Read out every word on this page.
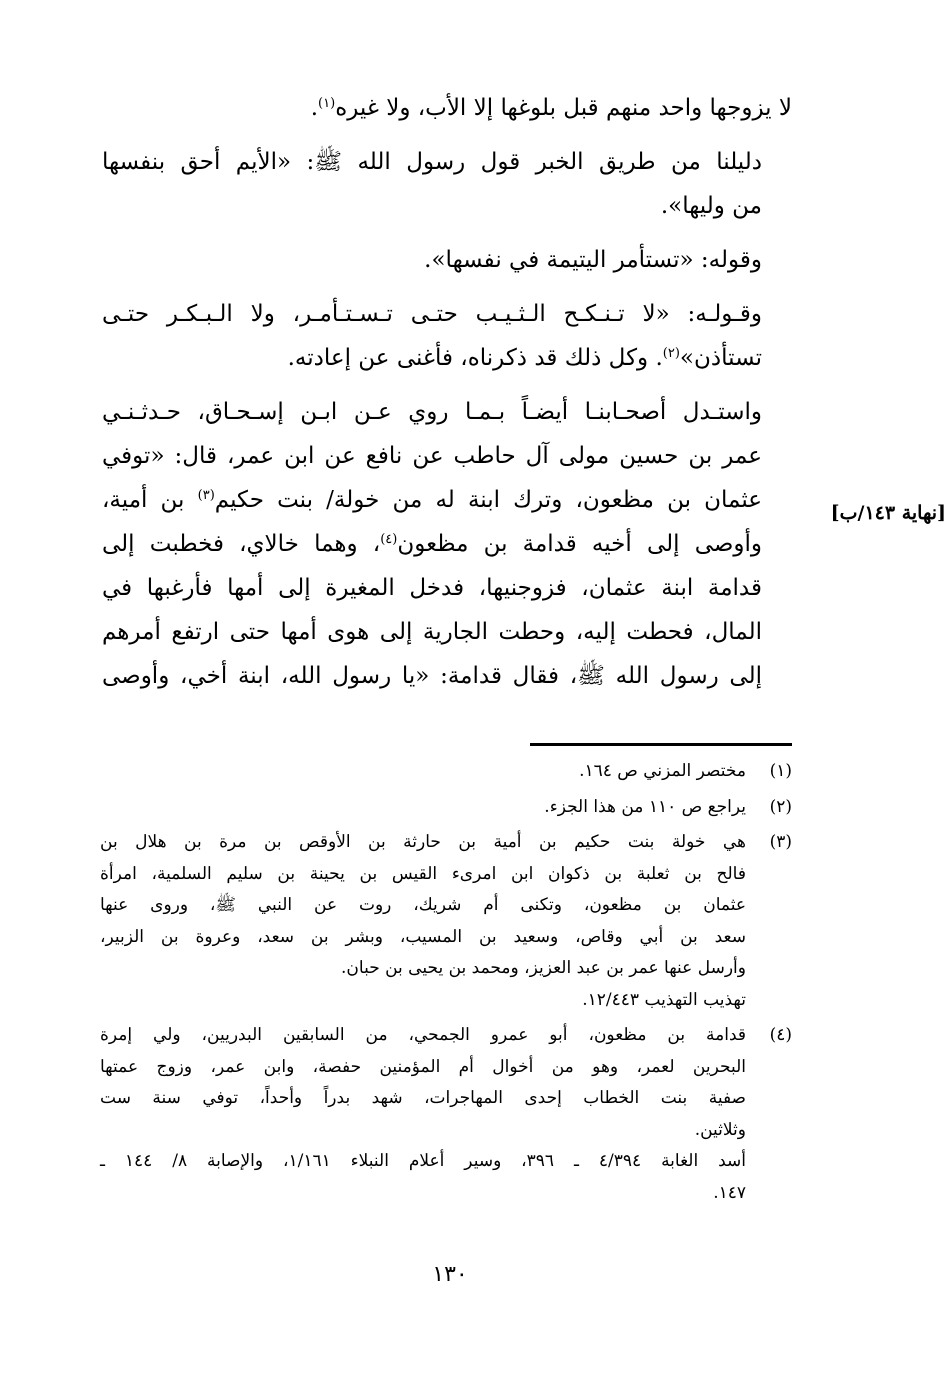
لا يزوجها واحد منهم قبل بلوغها إلا الأب، ولا غيره$^{(١)}$.

دليلنا من طريق الخبر قول رسول الله ﷺ: «الأيم أحق بنفسها
من وليها».

وقوله: «تستأمر اليتيمة في نفسها».

وقـولـه: «لا تـنـكـح الـثـيـب حتـى تـسـتـأمـر، ولا الـبـكـر حتـى
تستأذن»$^{(٢)}$. وكل ذلك قد ذكرناه، فأغنى عن إعادته.

واستـدل أصحـابنـا أيضـاً بـمـا روي عـن ابـن إسـحـاق، حـدثـنـي
عمر بن حسين مولى آل حاطب عن نافع عن ابن عمر، قال: «توفي
عثمان بن مظعون، وترك ابنة له من خولة/ بنت حكيم$^{(٣)}$ بن أمية،
وأوصى إلى أخيه قدامة بن مظعون$^{(٤)}$، وهما خالاي، فخطبت إلى
قدامة ابنة عثمان، فزوجنيها، فدخل المغيرة إلى أمها فأرغبها في
المال، فحطت إليه، وحطت الجارية إلى هوى أمها حتى ارتفع أمرهم
إلى رسول الله ﷺ، فقال قدامة: «يا رسول الله، ابنة أخي، وأوصى

[نهاية ١٤٣/ب]
(١)
مختصر المزني ص ١٦٤.
(٢)
يراجع ص ١١٠ من هذا الجزء.
(٣)
هي خولة بنت حكيم بن أمية بن حارثة بن الأوقص بن مرة بن هلال بن
فالح بن ثعلبة بن ذكوان ابن امرىء القيس بن يحينة بن سليم السلمية، امرأة
عثمان بن مظعون، وتكنى أم شريك، روت عن النبي ﷺ، وروى عنها
سعد بن أبي وقاص، وسعيد بن المسيب، وبشر بن سعد، وعروة بن الزبير،
وأرسل عنها عمر بن عبد العزيز، ومحمد بن يحيى بن حبان.
تهذيب التهذيب ١٢/٤٤٣.
(٤)
قدامة بن مظعون، أبو عمرو الجمحي، من السابقين البدريين، ولي إمرة
البحرين لعمر، وهو من أخوال أم المؤمنين حفصة، وابن عمر، وزوج عمتها
صفية بنت الخطاب إحدى المهاجرات، شهد بدراً وأحداً، توفي سنة ست
وثلاثين.
أسد الغابة ٤/٣٩٤ ـ ٣٩٦، وسير أعلام النبلاء ١/١٦١، والإصابة ٨/ ١٤٤ ـ
١٤٧.
١٣٠
